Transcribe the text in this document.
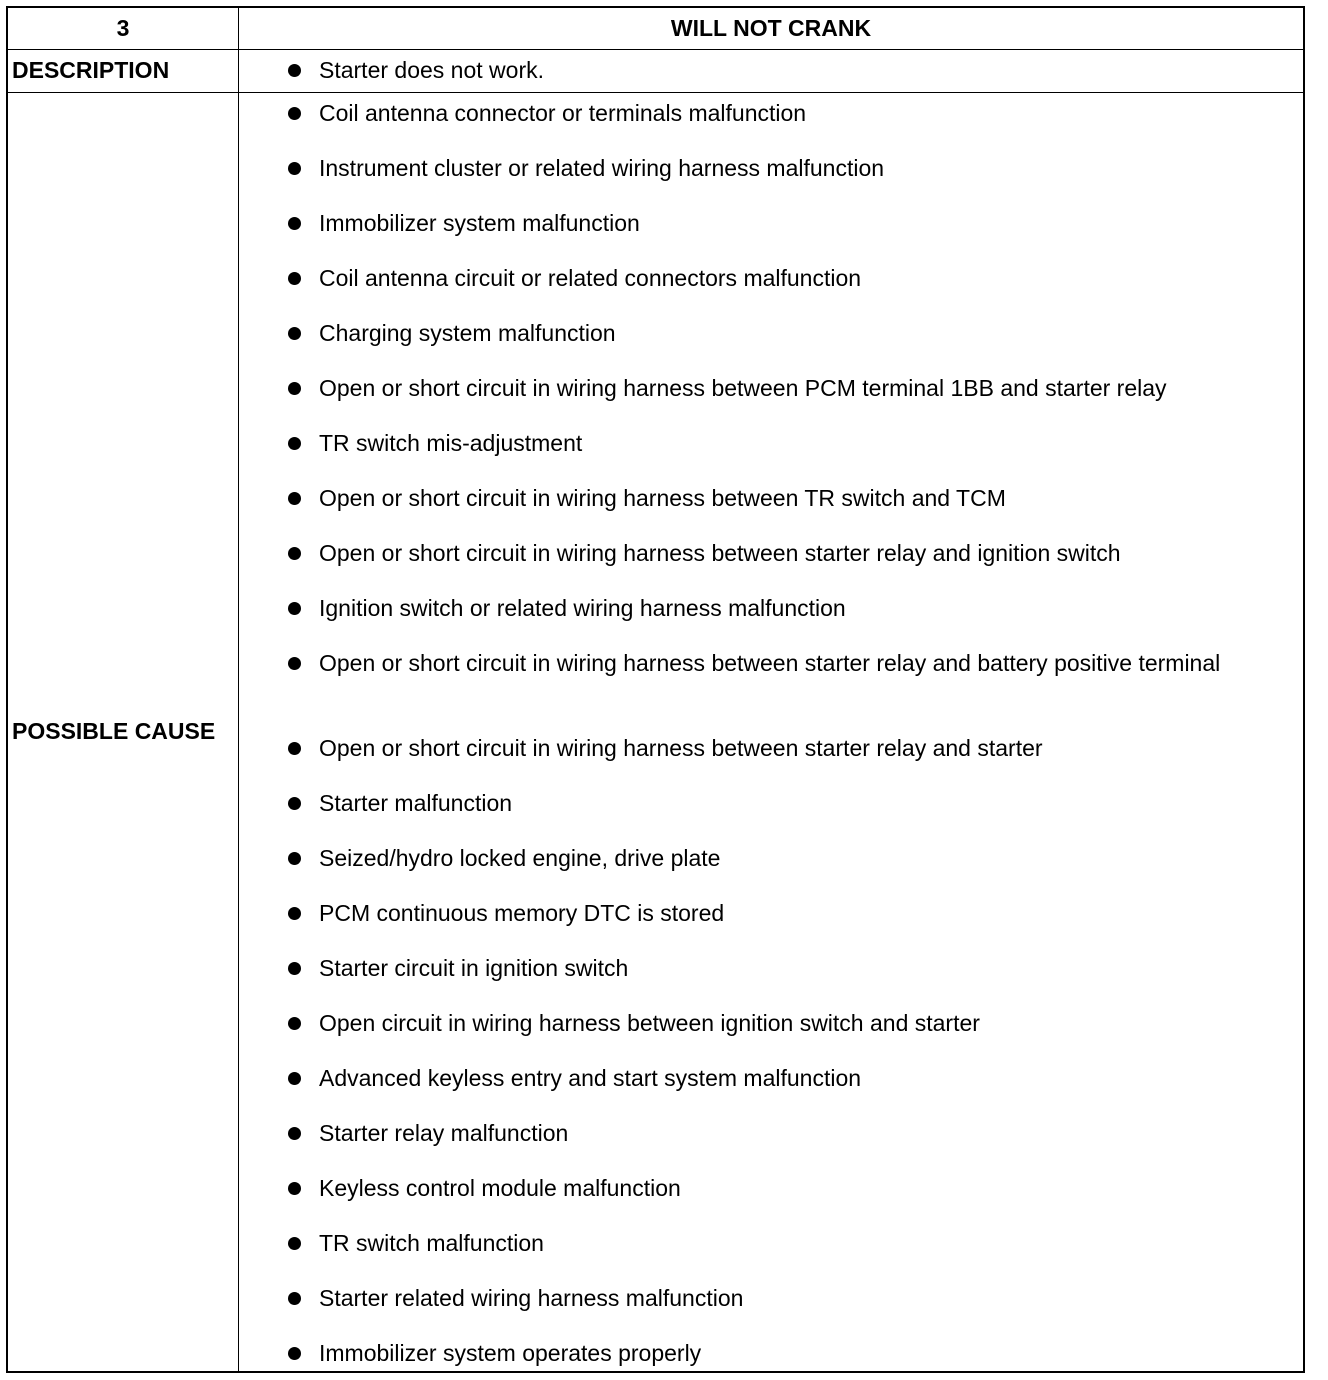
3	WILL NOT CRANK
DESCRIPTION	Starter does not work.
POSSIBLE CAUSE
Coil antenna connector or terminals malfunction
Instrument cluster or related wiring harness malfunction
Immobilizer system malfunction
Coil antenna circuit or related connectors malfunction
Charging system malfunction
Open or short circuit in wiring harness between PCM terminal 1BB and starter relay
TR switch mis-adjustment
Open or short circuit in wiring harness between TR switch and TCM
Open or short circuit in wiring harness between starter relay and ignition switch
Ignition switch or related wiring harness malfunction
Open or short circuit in wiring harness between starter relay and battery positive terminal
Open or short circuit in wiring harness between starter relay and starter
Starter malfunction
Seized/hydro locked engine, drive plate
PCM continuous memory DTC is stored
Starter circuit in ignition switch
Open circuit in wiring harness between ignition switch and starter
Advanced keyless entry and start system malfunction
Starter relay malfunction
Keyless control module malfunction
TR switch malfunction
Starter related wiring harness malfunction
Immobilizer system operates properly
